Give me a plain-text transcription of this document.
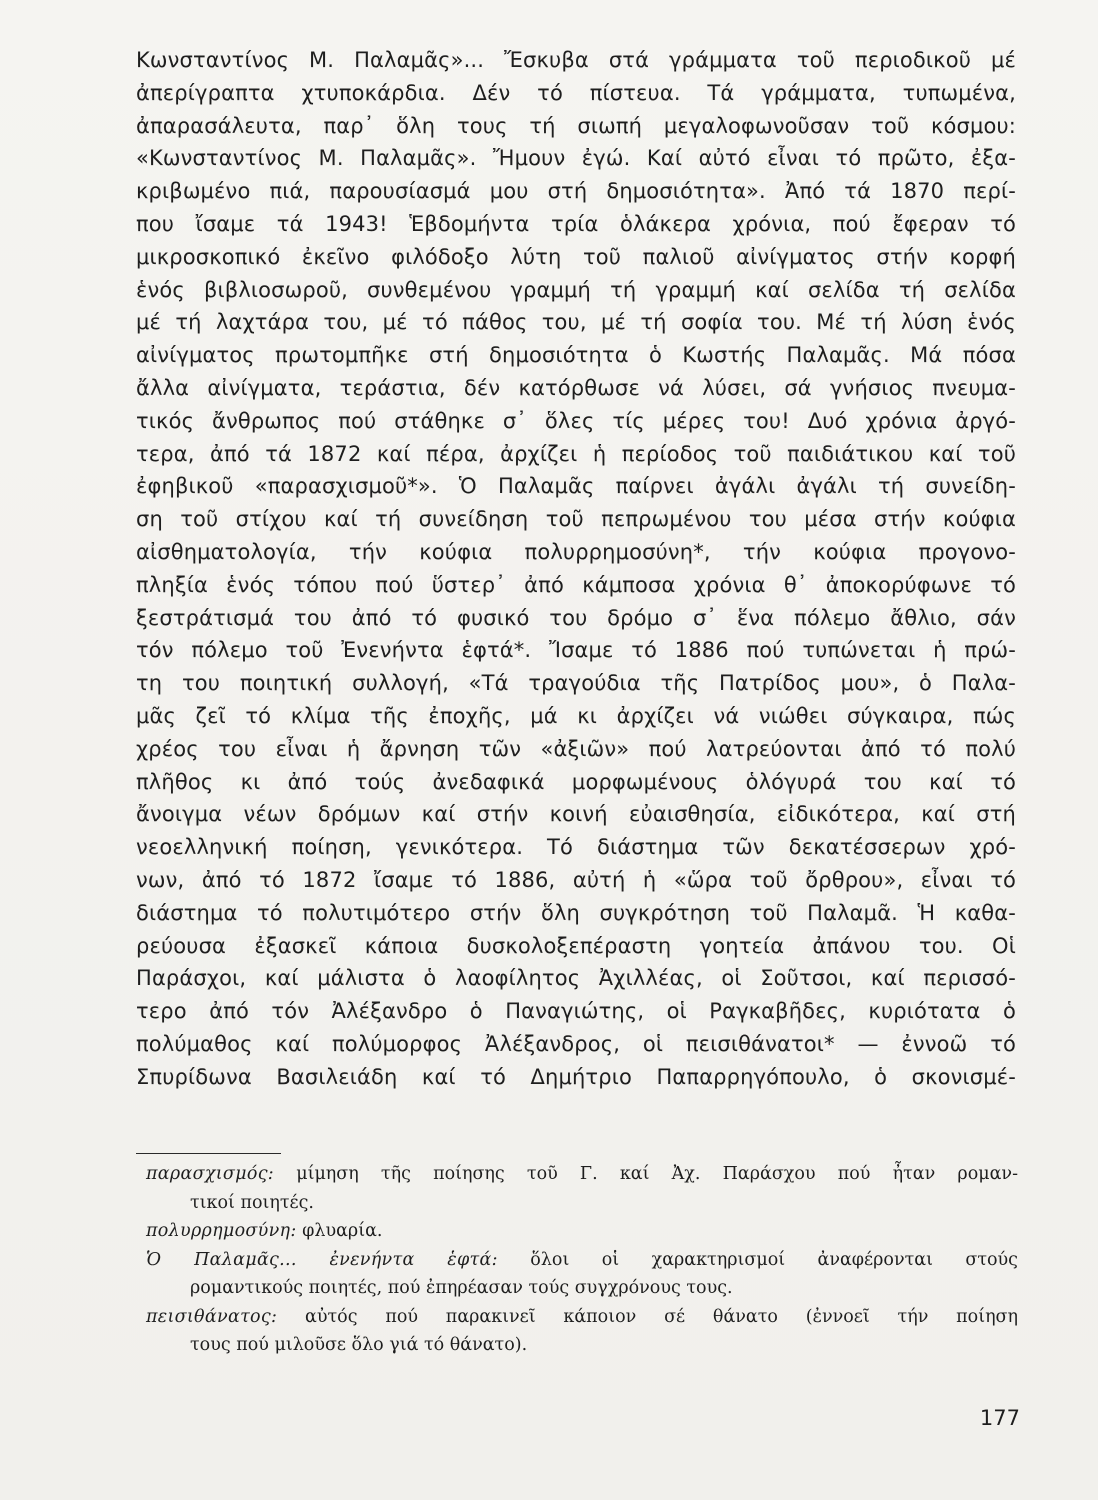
Κωνσταντίνος Μ. Παλαμᾶς»... Ἔσκυβα στά γράμματα τοῦ περιοδικοῦ μέ
ἀπερίγραπτα χτυποκάρδια. Δέν τό πίστευα. Τά γράμματα, τυπωμένα,
ἀπαρασάλευτα, παρ᾽ ὅλη τους τή σιωπή μεγαλοφωνοῦσαν τοῦ κόσμου:
«Κωνσταντίνος Μ. Παλαμᾶς». Ἤμουν ἐγώ. Καί αὐτό εἶναι τό πρῶτο, ἐξα-
κριβωμένο πιά, παρουσίασμά μου στή δημοσιότητα». Ἀπό τά 1870 περί-
που ἴσαμε τά 1943! Ἑβδομήντα τρία ὁλάκερα χρόνια, πού ἔφεραν τό
μικροσκοπικό ἐκεῖνο φιλόδοξο λύτη τοῦ παλιοῦ αἰνίγματος στήν κορφή
ἑνός βιβλιοσωροῦ, συνθεμένου γραμμή τή γραμμή καί σελίδα τή σελίδα
μέ τή λαχτάρα του, μέ τό πάθος του, μέ τή σοφία του. Μέ τή λύση ἑνός
αἰνίγματος πρωτομπῆκε στή δημοσιότητα ὁ Κωστής Παλαμᾶς. Μά πόσα
ἄλλα αἰνίγματα, τεράστια, δέν κατόρθωσε νά λύσει, σά γνήσιος πνευμα-
τικός ἄνθρωπος πού στάθηκε σ᾽ ὅλες τίς μέρες του! Δυό χρόνια ἀργό-
τερα, ἀπό τά 1872 καί πέρα, ἀρχίζει ἡ περίοδος τοῦ παιδιάτικου καί τοῦ
ἐφηβικοῦ «παρασχισμοῦ*». Ὁ Παλαμᾶς παίρνει ἀγάλι ἀγάλι τή συνείδη-
ση τοῦ στίχου καί τή συνείδηση τοῦ πεπρωμένου του μέσα στήν κούφια
αἰσθηματολογία, τήν κούφια πολυρρημοσύνη*, τήν κούφια προγονο-
πληξία ἑνός τόπου πού ὕστερ᾽ ἀπό κάμποσα χρόνια θ᾽ ἀποκορύφωνε τό
ξεστράτισμά του ἀπό τό φυσικό του δρόμο σ᾽ ἕνα πόλεμο ἄθλιο, σάν
τόν πόλεμο τοῦ Ἐνενήντα ἑφτά*. Ἴσαμε τό 1886 πού τυπώνεται ἡ πρώ-
τη του ποιητική συλλογή, «Τά τραγούδια τῆς Πατρίδος μου», ὁ Παλα-
μᾶς ζεῖ τό κλίμα τῆς ἐποχῆς, μά κι ἀρχίζει νά νιώθει σύγκαιρα, πώς
χρέος του εἶναι ἡ ἄρνηση τῶν «ἀξιῶν» πού λατρεύονται ἀπό τό πολύ
πλῆθος κι ἀπό τούς ἀνεδαφικά μορφωμένους ὁλόγυρά του καί τό
ἄνοιγμα νέων δρόμων καί στήν κοινή εὐαισθησία, εἰδικότερα, καί στή
νεοελληνική ποίηση, γενικότερα. Τό διάστημα τῶν δεκατέσσερων χρό-
νων, ἀπό τό 1872 ἴσαμε τό 1886, αὐτή ἡ «ὥρα τοῦ ὄρθρου», εἶναι τό
διάστημα τό πολυτιμότερο στήν ὅλη συγκρότηση τοῦ Παλαμᾶ. Ἡ καθα-
ρεύουσα ἐξασκεῖ κάποια δυσκολοξεπέραστη γοητεία ἀπάνου του. Οἱ
Παράσχοι, καί μάλιστα ὁ λαοφίλητος Ἀχιλλέας, οἱ Σοῦτσοι, καί περισσό-
τερο ἀπό τόν Ἀλέξανδρο ὁ Παναγιώτης, οἱ Ραγκαβῆδες, κυριότατα ὁ
πολύμαθος καί πολύμορφος Ἀλέξανδρος, οἱ πεισιθάνατοι* — ἐννοῶ τό
Σπυρίδωνα Βασιλειάδη καί τό Δημήτριο Παπαρρηγόπουλο, ὁ σκονισμέ-
παρασχισμός: μίμηση τῆς ποίησης τοῦ Γ. καί Ἀχ. Παράσχου πού ἦταν ρομαν-
τικοί ποιητές.
πολυρρημοσύνη: φλυαρία.
Ὁ Παλαμᾶς... ἐνενήντα ἑφτά: ὅλοι οἱ χαρακτηρισμοί ἀναφέρονται στούς
ρομαντικούς ποιητές, πού ἐπηρέασαν τούς συγχρόνους τους.
πεισιθάνατος: αὐτός πού παρακινεῖ κάποιον σέ θάνατο (ἐννοεῖ τήν ποίηση
τους πού μιλοῦσε ὅλο γιά τό θάνατο).
177
